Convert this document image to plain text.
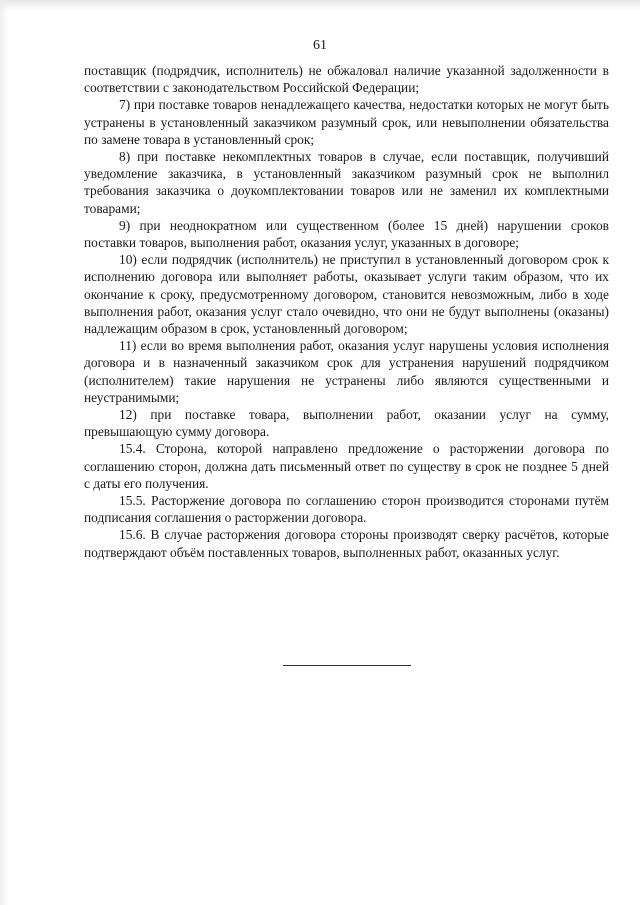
61

поставщик (подрядчик, исполнитель) не обжаловал наличие указанной задолженности в соответствии с законодательством Российской Федерации;

7) при поставке товаров ненадлежащего качества, недостатки которых не могут быть устранены в установленный заказчиком разумный срок, или невыполнении обязательства по замене товара в установленный срок;

8) при поставке некомплектных товаров в случае, если поставщик, получивший уведомление заказчика, в установленный заказчиком разумный срок не выполнил требования заказчика о доукомплектовании товаров или не заменил их комплектными товарами;

9) при неоднократном или существенном (более 15 дней) нарушении сроков поставки товаров, выполнения работ, оказания услуг, указанных в договоре;

10) если подрядчик (исполнитель) не приступил в установленный договором срок к исполнению договора или выполняет работы, оказывает услуги таким образом, что их окончание к сроку, предусмотренному договором, становится невозможным, либо в ходе выполнения работ, оказания услуг стало очевидно, что они не будут выполнены (оказаны) надлежащим образом в срок, установленный договором;

11) если во время выполнения работ, оказания услуг нарушены условия исполнения договора и в назначенный заказчиком срок для устранения нарушений подрядчиком (исполнителем) такие нарушения не устранены либо являются существенными и неустранимыми;

12) при поставке товара, выполнении работ, оказании услуг на сумму, превышающую сумму договора.

15.4. Сторона, которой направлено предложение о расторжении договора по соглашению сторон, должна дать письменный ответ по существу в срок не позднее 5 дней с даты его получения.

15.5. Расторжение договора по соглашению сторон производится сторонами путём подписания соглашения о расторжении договора.

15.6. В случае расторжения договора стороны производят сверку расчётов, которые подтверждают объём поставленных товаров, выполненных работ, оказанных услуг.
